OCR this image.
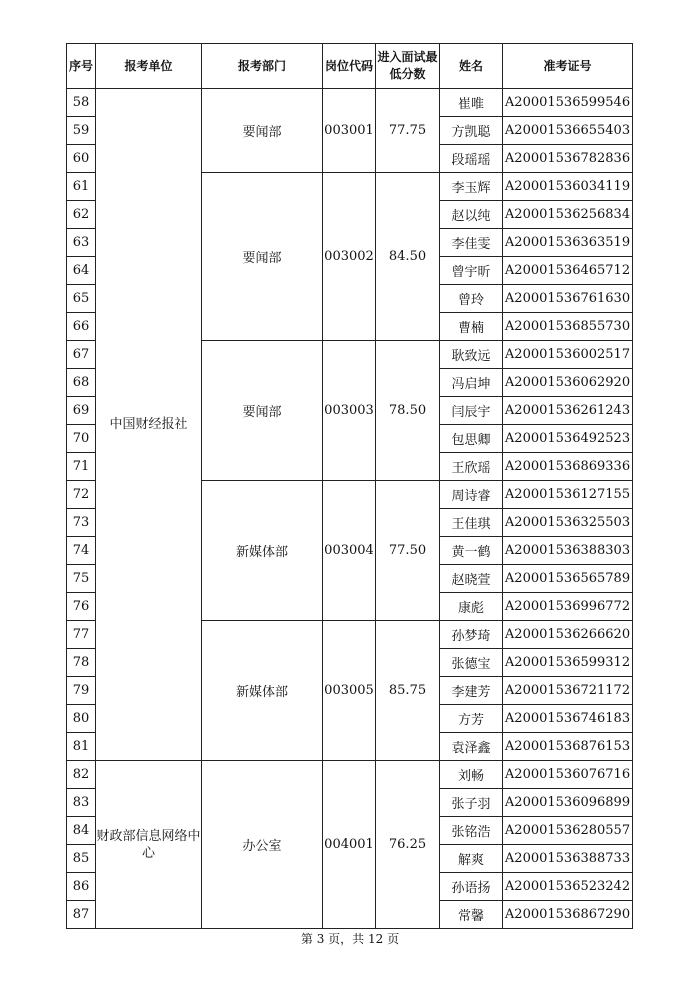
序号	报考单位	报考部门	岗位代码	进入面试最低分数	姓名	准考证号
58	中国财经报社	要闻部	003001	77.75	崔唯	A20001536599546
59					方凯聪	A20001536655403
60					段瑶瑶	A20001536782836
61		要闻部	003002	84.50	李玉辉	A20001536034119
62					赵以纯	A20001536256834
63					李佳雯	A20001536363519
64					曾宇昕	A20001536465712
65					曾玲	A20001536761630
66					曹楠	A20001536855730
67		要闻部	003003	78.50	耿致远	A20001536002517
68					冯启坤	A20001536062920
69					闫辰宇	A20001536261243
70					包思卿	A20001536492523
71					王欣瑶	A20001536869336
72		新媒体部	003004	77.50	周诗睿	A20001536127155
73					王佳琪	A20001536325503
74					黄一鹤	A20001536388303
75					赵晓萱	A20001536565789
76					康彪	A20001536996772
77		新媒体部	003005	85.75	孙梦琦	A20001536266620
78					张德宝	A20001536599312
79					李建芳	A20001536721172
80					方芳	A20001536746183
81					袁泽鑫	A20001536876153
82	财政部信息网络中心	办公室	004001	76.25	刘畅	A20001536076716
83					张子羽	A20001536096899
84					张铭浩	A20001536280557
85					解爽	A20001536388733
86					孙语扬	A20001536523242
87					常馨	A20001536867290
第 3 页，共 12 页
